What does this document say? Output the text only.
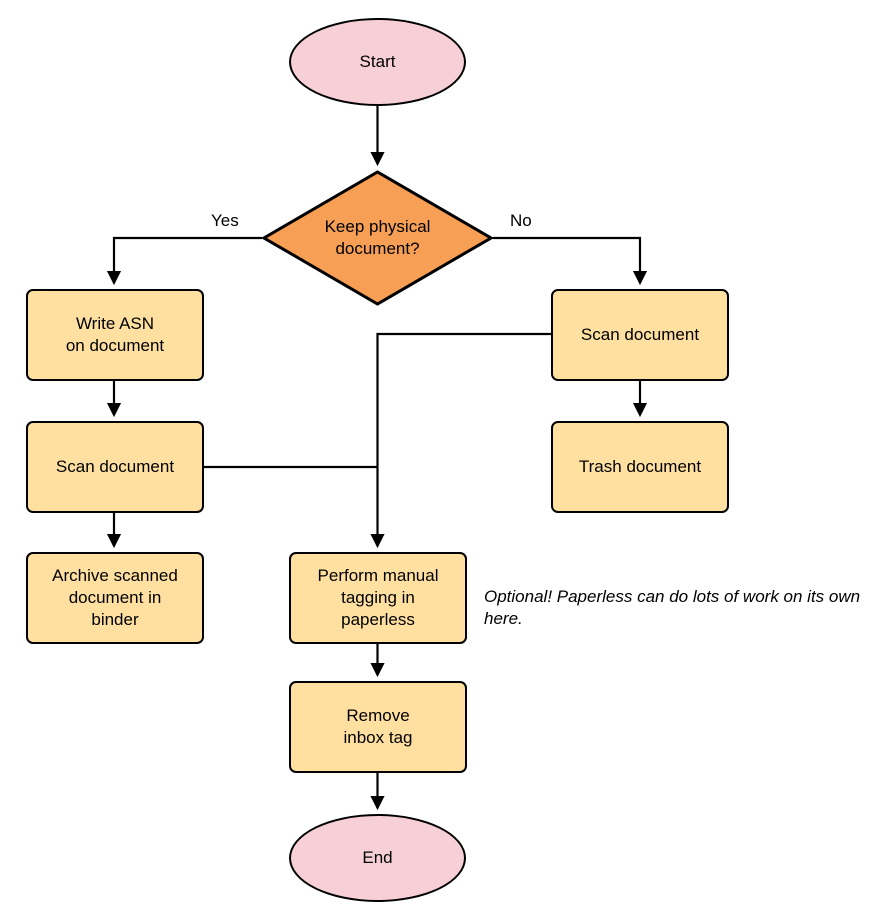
Start
Keep physical
document?
Write ASN
on document
Scan document
Archive scanned
document in
binder
Scan document
Trash document
Perform manual
tagging in
paperless
Remove
inbox tag
End
Yes	No
Optional! Paperless can do lots of work on its own here.
